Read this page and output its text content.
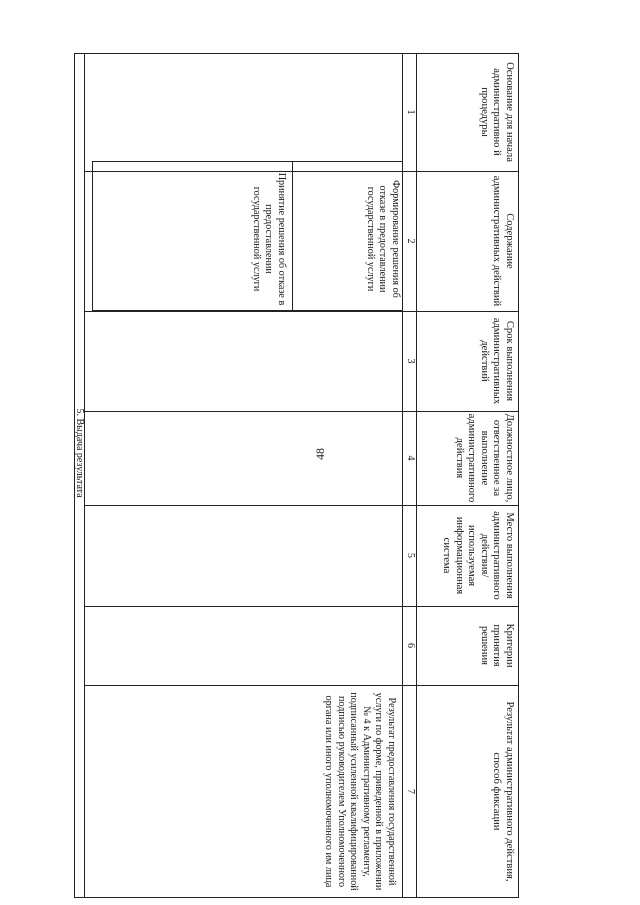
48
Основание для начала административно й процедуры
Содержание административных действий
Срок выполнения административных действий
Должностное лицо, ответственное за выполнение административного действия
Место выполнения административного действия/ используемая информационная система
Критерии принятия решения
Результат административного действия, способ фиксации
1
2
3
4
5
6
7
Принятие решения об отказе в предоставлении государственной услуги	Формирование решения об отказе в предоставлении государственной услуги
Результат предоставления государственной услуги по форме, приведенной в приложении № 4 к Административному регламенту, подписанный усиленной квалифицированной подписью руководителем Уполномоченного органа или иного уполномоченного им лица
5. Выдача результата
